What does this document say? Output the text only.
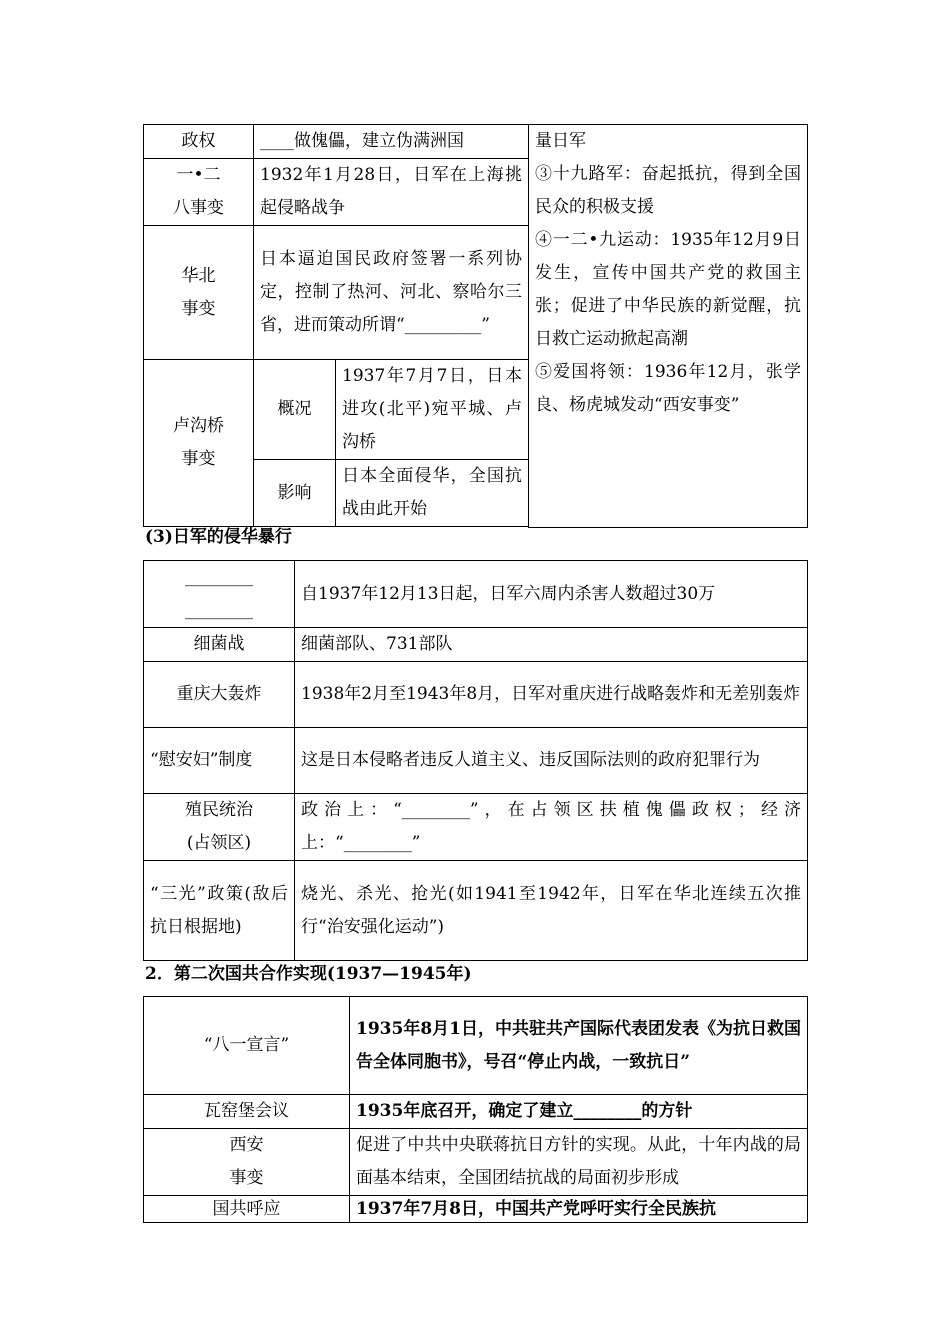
政权	____做傀儡，建立伪满洲国		量日军
③十九路军：奋起抵抗，得到全国民众的积极支援
④一二•九运动：1935年12月9日发生，宣传中国共产党的救国主张；促进了中华民族的新觉醒，抗日救亡运动掀起高潮
⑤爱国将领：1936年12月，张学良、杨虎城发动“西安事变”

一•二
八事变	1932年1月28日，日军在上海挑起侵略战争		

华北
事变	日本逼迫国民政府签署一系列协定，控制了热河、河北、察哈尔三省，进而策动所谓“_________”		

卢沟桥
事变	概况	1937年7月7日，日本进攻(北平)宛平城、卢沟桥	
	影响	日本全面侵华，全国抗战由此开始	

(3)日军的侵华暴行
________
________	自1937年12月13日起，日军六周内杀害人数超过30万
细菌战	细菌部队、731部队
重庆大轰炸	1938年2月至1943年8月，日军对重庆进行战略轰炸和无差别轰炸
“慰安妇”制度	这是日本侵略者违反人道主义、违反国际法则的政府犯罪行为

殖民统治
(占领区)	政治上：“________”，在占领区扶植傀儡政权；经济上：“________”
“三光”政策(敌后抗日根据地)	烧光、杀光、抢光(如1941至1942年，日军在华北连续五次推行“治安强化运动”)
2．第二次国共合作实现(1937—1945年)
“八一宣言”	1935年8月1日，中共驻共产国际代表团发表《为抗日救国告全体同胞书》，号召“停止内战，一致抗日”
瓦窑堡会议	1935年底召开，确定了建立________的方针

西安
事变	促进了中共中央联蒋抗日方针的实现。从此，十年内战的局面基本结束，全国团结抗战的局面初步形成
国共呼应	1937年7月8日，中国共产党呼吁实行全民族抗
